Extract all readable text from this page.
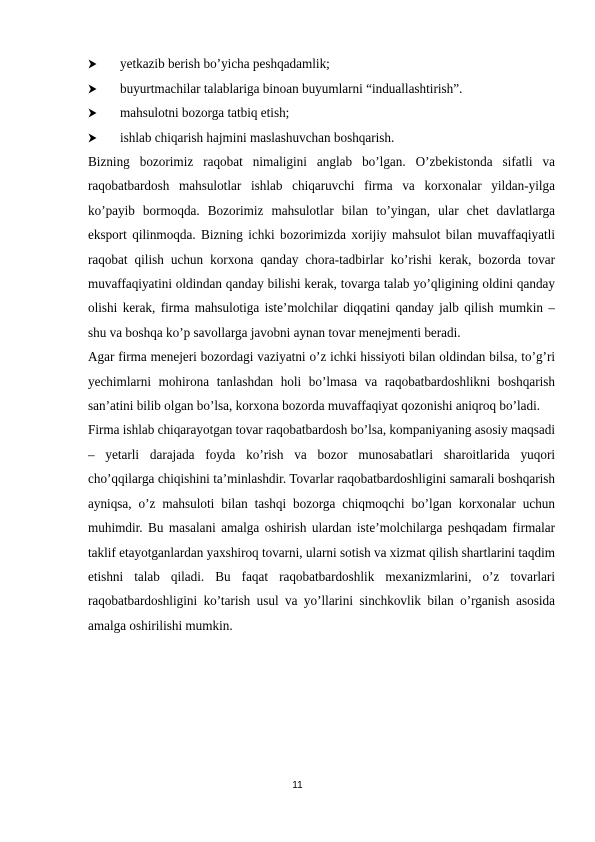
yetkazib berish bo’yicha peshqadamlik;
buyurtmachilar talablariga binoan buyumlarni “induallashtirish”.
mahsulotni bozorga tatbiq etish;
ishlab chiqarish hajmini maslashuvchan boshqarish.

Bizning bozorimiz raqobat nimaligini anglab bo’lgan. O’zbekistonda sifatli va raqobatbardosh mahsulotlar ishlab chiqaruvchi firma va korxonalar yildan-yilga ko’payib bormoqda. Bozorimiz mahsulotlar bilan to’yingan, ular chet davlatlarga eksport qilinmoqda. Bizning ichki bozorimizda xorijiy mahsulot bilan muvaffaqiyatli raqobat qilish uchun korxona qanday chora-tadbirlar ko’rishi kerak, bozorda tovar muvaffaqiyatini oldindan qanday bilishi kerak, tovarga talab yo’qligining oldini qanday olishi kerak, firma mahsulotiga iste’molchilar diqqatini qanday jalb qilish mumkin – shu va boshqa ko’p savollarga javobni aynan tovar menejmenti beradi.

Agar firma menejeri bozordagi vaziyatni o’z ichki hissiyoti bilan oldindan bilsa, to’g’ri yechimlarni mohirona tanlashdan holi bo’lmasa va raqobatbardoshlikni boshqarish san’atini bilib olgan bo’lsa, korxona bozorda muvaffaqiyat qozonishi aniqroq bo’ladi.

Firma ishlab chiqarayotgan tovar raqobatbardosh bo’lsa, kompaniyaning asosiy maqsadi – yetarli darajada foyda ko’rish va bozor munosabatlari sharoitlarida yuqori cho’qqilarga chiqishini ta’minlashdir. Tovarlar raqobatbardoshligini samarali boshqarish ayniqsa, o’z mahsuloti bilan tashqi bozorga chiqmoqchi bo’lgan korxonalar uchun muhimdir. Bu masalani amalga oshirish ulardan iste’molchilarga peshqadam firmalar taklif etayotganlardan yaxshiroq tovarni, ularni sotish va xizmat qilish shartlarini taqdim etishni talab qiladi. Bu faqat raqobatbardoshlik mexanizmlarini, o’z tovarlari raqobatbardoshligini ko’tarish usul va yo’llarini sinchkovlik bilan o’rganish asosida amalga oshirilishi mumkin.

11
